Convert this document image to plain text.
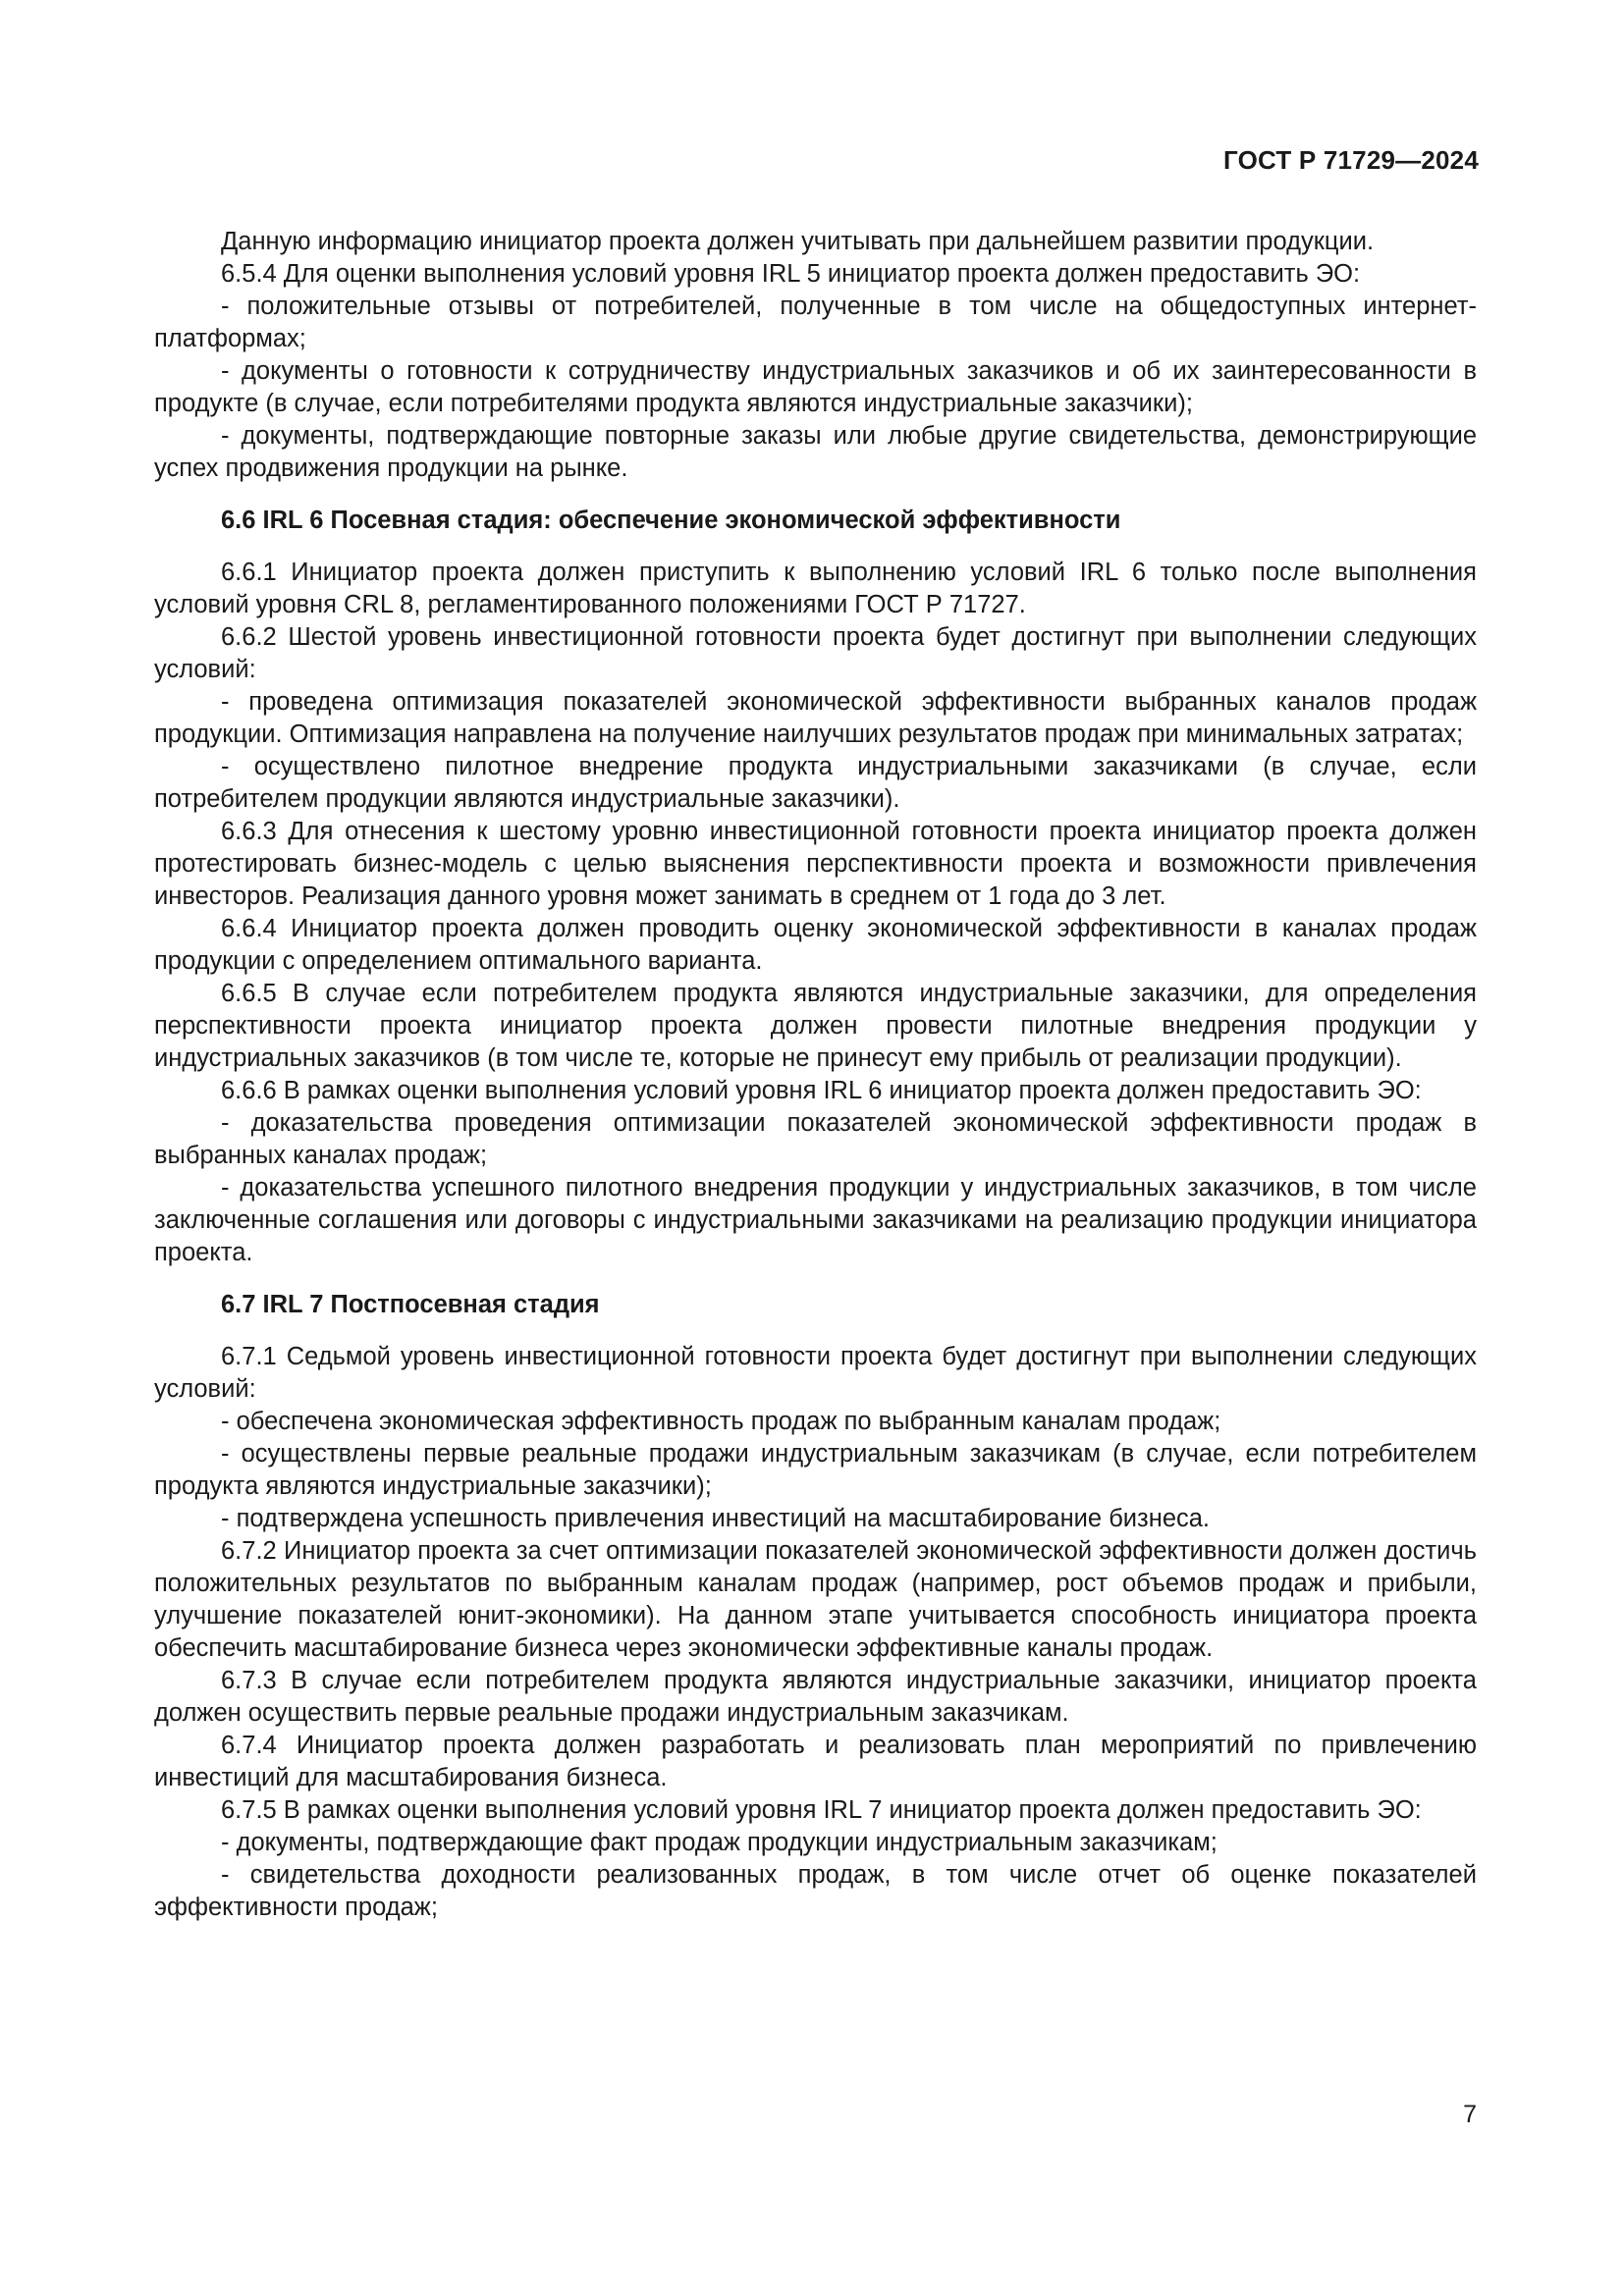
ГОСТ Р 71729—2024

Данную информацию инициатор проекта должен учитывать при дальнейшем развитии продукции.

6.5.4 Для оценки выполнения условий уровня IRL 5 инициатор проекта должен предоставить ЭО:

- положительные отзывы от потребителей, полученные в том числе на общедоступных интернет-платформах;

- документы о готовности к сотрудничеству индустриальных заказчиков и об их заинтересованности в продукте (в случае, если потребителями продукта являются индустриальные заказчики);

- документы, подтверждающие повторные заказы или любые другие свидетельства, демонстрирующие успех продвижения продукции на рынке.

6.6 IRL 6 Посевная стадия: обеспечение экономической эффективности

6.6.1 Инициатор проекта должен приступить к выполнению условий IRL 6 только после выполнения условий уровня CRL 8, регламентированного положениями ГОСТ Р 71727.

6.6.2 Шестой уровень инвестиционной готовности проекта будет достигнут при выполнении следующих условий:

- проведена оптимизация показателей экономической эффективности выбранных каналов продаж продукции. Оптимизация направлена на получение наилучших результатов продаж при минимальных затратах;

- осуществлено пилотное внедрение продукта индустриальными заказчиками (в случае, если потребителем продукции являются индустриальные заказчики).

6.6.3 Для отнесения к шестому уровню инвестиционной готовности проекта инициатор проекта должен протестировать бизнес-модель с целью выяснения перспективности проекта и возможности привлечения инвесторов. Реализация данного уровня может занимать в среднем от 1 года до 3 лет.

6.6.4 Инициатор проекта должен проводить оценку экономической эффективности в каналах продаж продукции с определением оптимального варианта.

6.6.5 В случае если потребителем продукта являются индустриальные заказчики, для определения перспективности проекта инициатор проекта должен провести пилотные внедрения продукции у индустриальных заказчиков (в том числе те, которые не принесут ему прибыль от реализации продукции).

6.6.6 В рамках оценки выполнения условий уровня IRL 6 инициатор проекта должен предоставить ЭО:

- доказательства проведения оптимизации показателей экономической эффективности продаж в выбранных каналах продаж;

- доказательства успешного пилотного внедрения продукции у индустриальных заказчиков, в том числе заключенные соглашения или договоры с индустриальными заказчиками на реализацию продукции инициатора проекта.

6.7 IRL 7 Постпосевная стадия

6.7.1 Седьмой уровень инвестиционной готовности проекта будет достигнут при выполнении следующих условий:

- обеспечена экономическая эффективность продаж по выбранным каналам продаж;

- осуществлены первые реальные продажи индустриальным заказчикам (в случае, если потребителем продукта являются индустриальные заказчики);

- подтверждена успешность привлечения инвестиций на масштабирование бизнеса.

6.7.2 Инициатор проекта за счет оптимизации показателей экономической эффективности должен достичь положительных результатов по выбранным каналам продаж (например, рост объемов продаж и прибыли, улучшение показателей юнит-экономики). На данном этапе учитывается способность инициатора проекта обеспечить масштабирование бизнеса через экономически эффективные каналы продаж.

6.7.3 В случае если потребителем продукта являются индустриальные заказчики, инициатор проекта должен осуществить первые реальные продажи индустриальным заказчикам.

6.7.4 Инициатор проекта должен разработать и реализовать план мероприятий по привлечению инвестиций для масштабирования бизнеса.

6.7.5 В рамках оценки выполнения условий уровня IRL 7 инициатор проекта должен предоставить ЭО:

- документы, подтверждающие факт продаж продукции индустриальным заказчикам;

- свидетельства доходности реализованных продаж, в том числе отчет об оценке показателей эффективности продаж;

7
